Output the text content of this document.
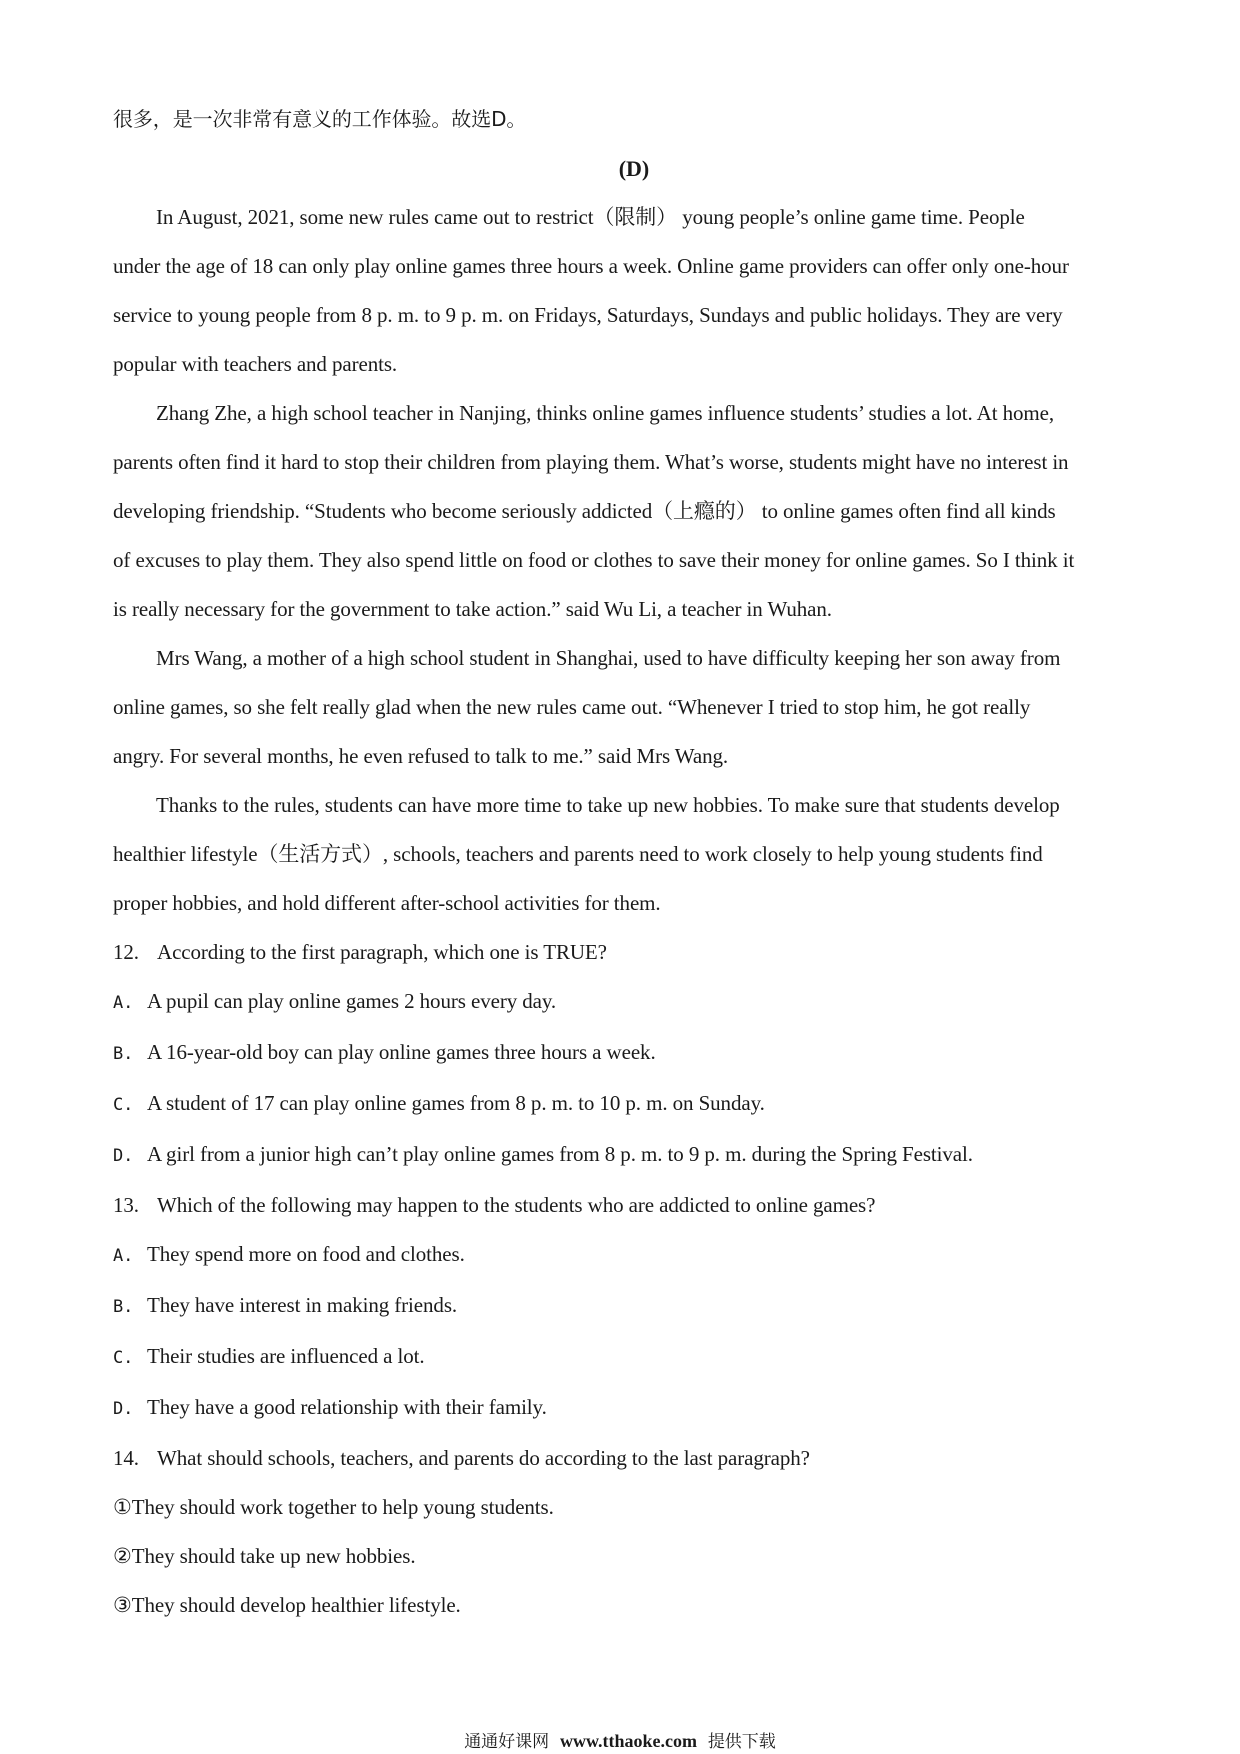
很多，是一次非常有意义的工作体验。故选D。
(D)
In August, 2021, some new rules came out to restrict（限制） young people’s online game time. People
under the age of 18 can only play online games three hours a week. Online game providers can offer only one-hour
service to young people from 8 p. m. to 9 p. m. on Fridays, Saturdays, Sundays and public holidays. They are very
popular with teachers and parents.
Zhang Zhe, a high school teacher in Nanjing, thinks online games influence students’ studies a lot. At home,
parents often find it hard to stop their children from playing them. What’s worse, students might have no interest in
developing friendship. “Students who become seriously addicted（上瘾的） to online games often find all kinds
of excuses to play them. They also spend little on food or clothes to save their money for online games. So I think it
is really necessary for the government to take action.” said Wu Li, a teacher in Wuhan.
Mrs Wang, a mother of a high school student in Shanghai, used to have difficulty keeping her son away from
online games, so she felt really glad when the new rules came out. “Whenever I tried to stop him, he got really
angry. For several months, he even refused to talk to me.” said Mrs Wang.
Thanks to the rules, students can have more time to take up new hobbies. To make sure that students develop
healthier lifestyle（生活方式）, schools, teachers and parents need to work closely to help young students find
proper hobbies, and hold different after-school activities for them.
12. According to the first paragraph, which one is TRUE?
A. A pupil can play online games 2 hours every day.
B. A 16-year-old boy can play online games three hours a week.
C. A student of 17 can play online games from 8 p. m. to 10 p. m. on Sunday.
D. A girl from a junior high can’t play online games from 8 p. m. to 9 p. m. during the Spring Festival.
13. Which of the following may happen to the students who are addicted to online games?
A. They spend more on food and clothes.
B. They have interest in making friends.
C. Their studies are influenced a lot.
D. They have a good relationship with their family.
14. What should schools, teachers, and parents do according to the last paragraph?
①They should work together to help young students.
②They should take up new hobbies.
③They should develop healthier lifestyle.
通通好课网 www.tthaoke.com 提供下载
